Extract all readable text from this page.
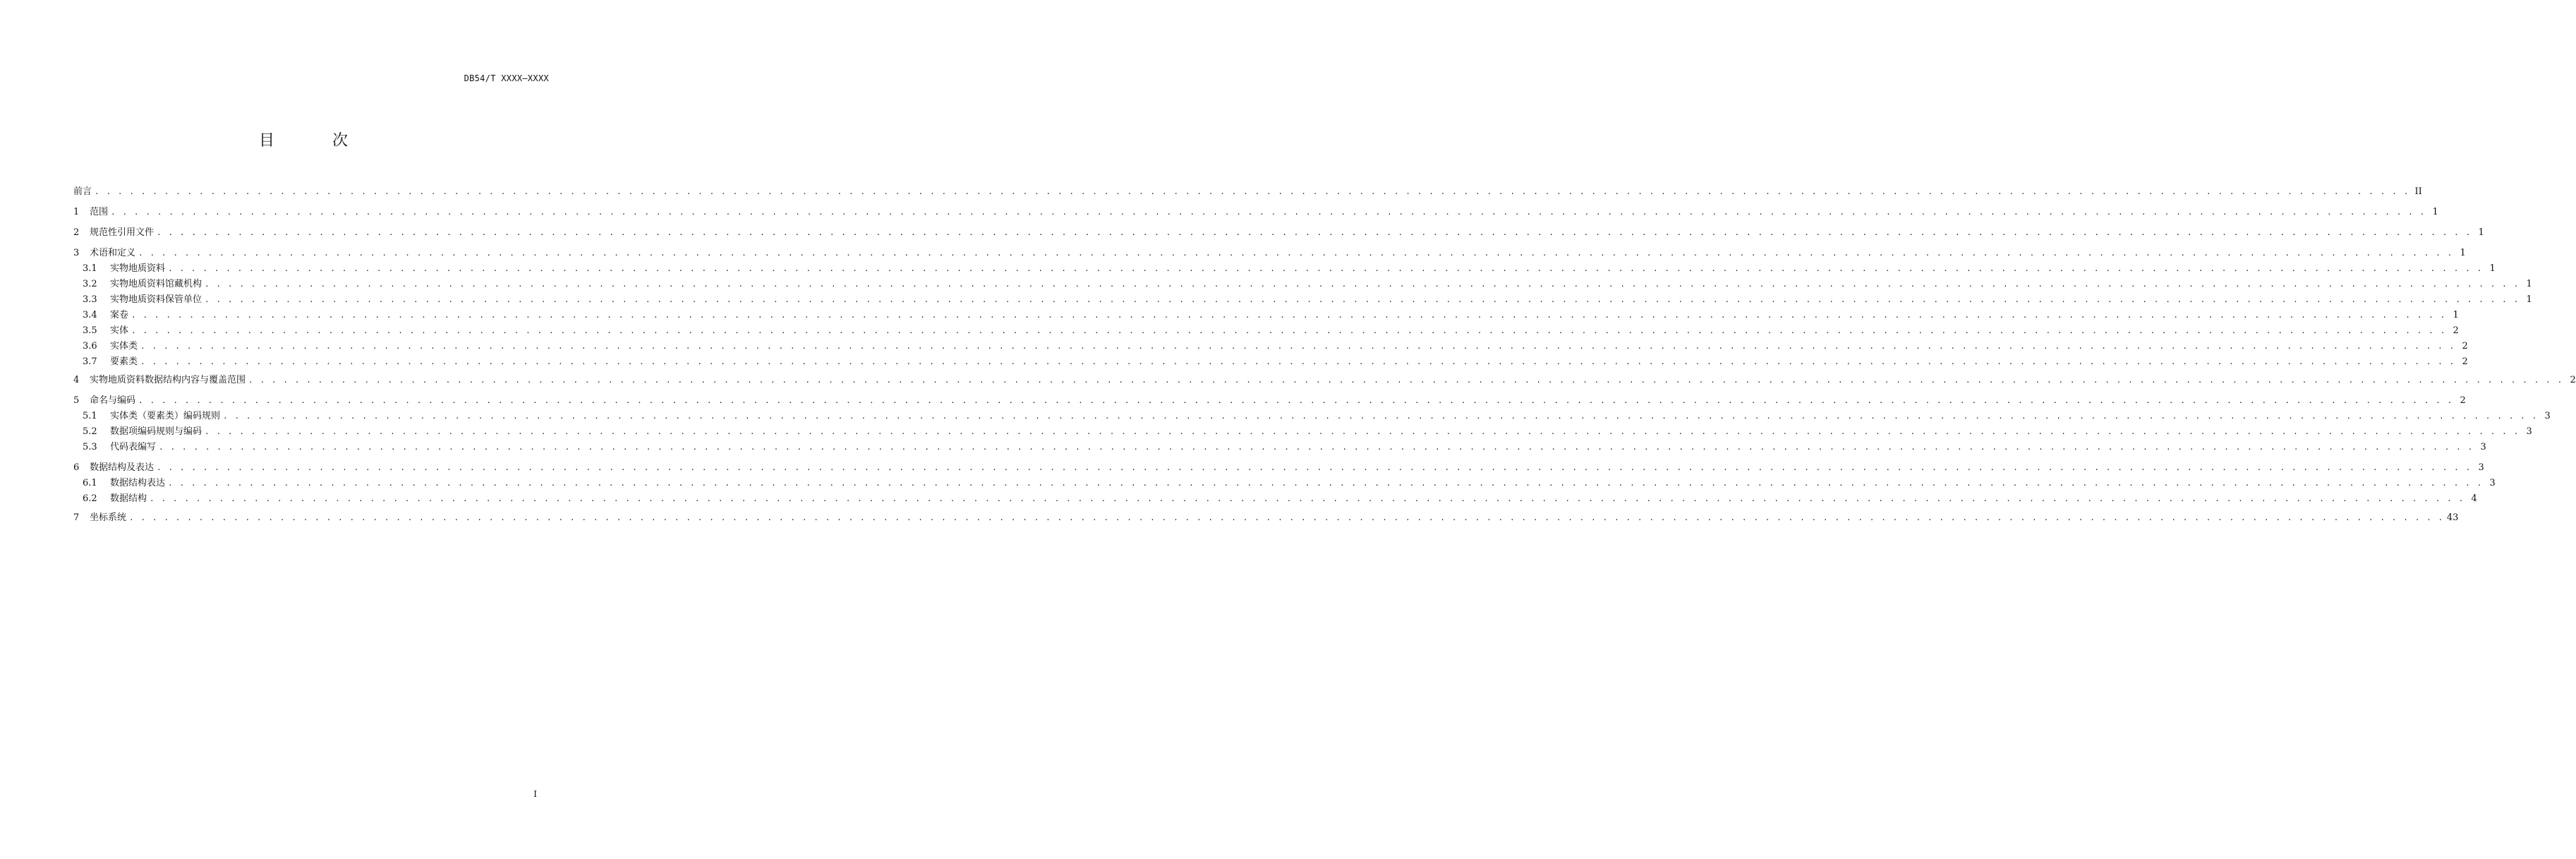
DB54/T XXXX—XXXX
目　次
前言 . . . . . . . . . . . . . . . . . . . . . . . . . . . . . . . . . . . . . . . . . . . . . . . . . . . . . . . . . . . . . . . . . . . . . . . . . . . . . . . . . . . . . . . . . . . . . . . . . . . . . . . . . . . . . . . . . . . . . . . . . . . . . . . . . . . . . . . . . . . . . . . . . . . . . . . . . . . . . . . . . . . . . . . . . . . . . . . . . . . . . . . . . . . . . . . . . . . . . . . . II
1	范围 . . . . . . . . . . . . . . . . . . . . . . . . . . . . . . . . . . . . . . . . . . . . . . . . . . . . . . . . . . . . . . . . . . . . . . . . . . . . . . . . . . . . . . . . . . . . . . . . . . . . . . . . . . . . . . . . . . . . . . . . . . . . . . . . . . . . . . . . . . . . . . . . . . . . . . . . . . . . . . . . . . . . . . . . . . . . . . . . . . . . . . . . . . . . . . . . . . . . . . . . 1
2	规范性引用文件 . . . . . . . . . . . . . . . . . . . . . . . . . . . . . . . . . . . . . . . . . . . . . . . . . . . . . . . . . . . . . . . . . . . . . . . . . . . . . . . . . . . . . . . . . . . . . . . . . . . . . . . . . . . . . . . . . . . . . . . . . . . . . . . . . . . . . . . . . . . . . . . . . . . . . . . . . . . . . . . . . . . . . . . . . . . . . . . . . . . . . . . . . . . . . . . . . . . . . . . . 1
3	术语和定义 . . . . . . . . . . . . . . . . . . . . . . . . . . . . . . . . . . . . . . . . . . . . . . . . . . . . . . . . . . . . . . . . . . . . . . . . . . . . . . . . . . . . . . . . . . . . . . . . . . . . . . . . . . . . . . . . . . . . . . . . . . . . . . . . . . . . . . . . . . . . . . . . . . . . . . . . . . . . . . . . . . . . . . . . . . . . . . . . . . . . . . . . . . . . . . . . . . . . . . . . 1
3.1	实物地质资料 . . . . . . . . . . . . . . . . . . . . . . . . . . . . . . . . . . . . . . . . . . . . . . . . . . . . . . . . . . . . . . . . . . . . . . . . . . . . . . . . . . . . . . . . . . . . . . . . . . . . . . . . . . . . . . . . . . . . . . . . . . . . . . . . . . . . . . . . . . . . . . . . . . . . . . . . . . . . . . . . . . . . . . . . . . . . . . . . . . . . . . . . . . . . . . . . . . . . . . . . 1
3.2	实物地质资料馆藏机构 . . . . . . . . . . . . . . . . . . . . . . . . . . . . . . . . . . . . . . . . . . . . . . . . . . . . . . . . . . . . . . . . . . . . . . . . . . . . . . . . . . . . . . . . . . . . . . . . . . . . . . . . . . . . . . . . . . . . . . . . . . . . . . . . . . . . . . . . . . . . . . . . . . . . . . . . . . . . . . . . . . . . . . . . . . . . . . . . . . . . . . . . . . . . . . . . . . . . . . . . 1
3.3	实物地质资料保管单位 . . . . . . . . . . . . . . . . . . . . . . . . . . . . . . . . . . . . . . . . . . . . . . . . . . . . . . . . . . . . . . . . . . . . . . . . . . . . . . . . . . . . . . . . . . . . . . . . . . . . . . . . . . . . . . . . . . . . . . . . . . . . . . . . . . . . . . . . . . . . . . . . . . . . . . . . . . . . . . . . . . . . . . . . . . . . . . . . . . . . . . . . . . . . . . . . . . . . . . . . 1
3.4	案卷 . . . . . . . . . . . . . . . . . . . . . . . . . . . . . . . . . . . . . . . . . . . . . . . . . . . . . . . . . . . . . . . . . . . . . . . . . . . . . . . . . . . . . . . . . . . . . . . . . . . . . . . . . . . . . . . . . . . . . . . . . . . . . . . . . . . . . . . . . . . . . . . . . . . . . . . . . . . . . . . . . . . . . . . . . . . . . . . . . . . . . . . . . . . . . . . . . . . . . . . . 1
3.5	实体 . . . . . . . . . . . . . . . . . . . . . . . . . . . . . . . . . . . . . . . . . . . . . . . . . . . . . . . . . . . . . . . . . . . . . . . . . . . . . . . . . . . . . . . . . . . . . . . . . . . . . . . . . . . . . . . . . . . . . . . . . . . . . . . . . . . . . . . . . . . . . . . . . . . . . . . . . . . . . . . . . . . . . . . . . . . . . . . . . . . . . . . . . . . . . . . . . . . . . . . . 2
3.6	实体类 . . . . . . . . . . . . . . . . . . . . . . . . . . . . . . . . . . . . . . . . . . . . . . . . . . . . . . . . . . . . . . . . . . . . . . . . . . . . . . . . . . . . . . . . . . . . . . . . . . . . . . . . . . . . . . . . . . . . . . . . . . . . . . . . . . . . . . . . . . . . . . . . . . . . . . . . . . . . . . . . . . . . . . . . . . . . . . . . . . . . . . . . . . . . . . . . . . . . . . . . 2
3.7	要素类 . . . . . . . . . . . . . . . . . . . . . . . . . . . . . . . . . . . . . . . . . . . . . . . . . . . . . . . . . . . . . . . . . . . . . . . . . . . . . . . . . . . . . . . . . . . . . . . . . . . . . . . . . . . . . . . . . . . . . . . . . . . . . . . . . . . . . . . . . . . . . . . . . . . . . . . . . . . . . . . . . . . . . . . . . . . . . . . . . . . . . . . . . . . . . . . . . . . . . . . . 2
4	实物地质资料数据结构内容与覆盖范围 . . . . . . . . . . . . . . . . . . . . . . . . . . . . . . . . . . . . . . . . . . . . . . . . . . . . . . . . . . . . . . . . . . . . . . . . . . . . . . . . . . . . . . . . . . . . . . . . . . . . . . . . . . . . . . . . . . . . . . . . . . . . . . . . . . . . . . . . . . . . . . . . . . . . . . . . . . . . . . . . . . . . . . . . . . . . . . . . . . . . . . . . . . . . . . . . . . . . . . . . 2
5	命名与编码 . . . . . . . . . . . . . . . . . . . . . . . . . . . . . . . . . . . . . . . . . . . . . . . . . . . . . . . . . . . . . . . . . . . . . . . . . . . . . . . . . . . . . . . . . . . . . . . . . . . . . . . . . . . . . . . . . . . . . . . . . . . . . . . . . . . . . . . . . . . . . . . . . . . . . . . . . . . . . . . . . . . . . . . . . . . . . . . . . . . . . . . . . . . . . . . . . . . . . . . . 2
5.1	实体类（要素类）编码规则 . . . . . . . . . . . . . . . . . . . . . . . . . . . . . . . . . . . . . . . . . . . . . . . . . . . . . . . . . . . . . . . . . . . . . . . . . . . . . . . . . . . . . . . . . . . . . . . . . . . . . . . . . . . . . . . . . . . . . . . . . . . . . . . . . . . . . . . . . . . . . . . . . . . . . . . . . . . . . . . . . . . . . . . . . . . . . . . . . . . . . . . . . . . . . . . . . . . . . . . . 3
5.2	数据项编码规则与编码 . . . . . . . . . . . . . . . . . . . . . . . . . . . . . . . . . . . . . . . . . . . . . . . . . . . . . . . . . . . . . . . . . . . . . . . . . . . . . . . . . . . . . . . . . . . . . . . . . . . . . . . . . . . . . . . . . . . . . . . . . . . . . . . . . . . . . . . . . . . . . . . . . . . . . . . . . . . . . . . . . . . . . . . . . . . . . . . . . . . . . . . . . . . . . . . . . . . . . . . . 3
5.3	代码表编写 . . . . . . . . . . . . . . . . . . . . . . . . . . . . . . . . . . . . . . . . . . . . . . . . . . . . . . . . . . . . . . . . . . . . . . . . . . . . . . . . . . . . . . . . . . . . . . . . . . . . . . . . . . . . . . . . . . . . . . . . . . . . . . . . . . . . . . . . . . . . . . . . . . . . . . . . . . . . . . . . . . . . . . . . . . . . . . . . . . . . . . . . . . . . . . . . . . . . . . . . 3
6	数据结构及表达 . . . . . . . . . . . . . . . . . . . . . . . . . . . . . . . . . . . . . . . . . . . . . . . . . . . . . . . . . . . . . . . . . . . . . . . . . . . . . . . . . . . . . . . . . . . . . . . . . . . . . . . . . . . . . . . . . . . . . . . . . . . . . . . . . . . . . . . . . . . . . . . . . . . . . . . . . . . . . . . . . . . . . . . . . . . . . . . . . . . . . . . . . . . . . . . . . . . . . . . . 3
6.1	数据结构表达 . . . . . . . . . . . . . . . . . . . . . . . . . . . . . . . . . . . . . . . . . . . . . . . . . . . . . . . . . . . . . . . . . . . . . . . . . . . . . . . . . . . . . . . . . . . . . . . . . . . . . . . . . . . . . . . . . . . . . . . . . . . . . . . . . . . . . . . . . . . . . . . . . . . . . . . . . . . . . . . . . . . . . . . . . . . . . . . . . . . . . . . . . . . . . . . . . . . . . . . . 3
6.2	数据结构 . . . . . . . . . . . . . . . . . . . . . . . . . . . . . . . . . . . . . . . . . . . . . . . . . . . . . . . . . . . . . . . . . . . . . . . . . . . . . . . . . . . . . . . . . . . . . . . . . . . . . . . . . . . . . . . . . . . . . . . . . . . . . . . . . . . . . . . . . . . . . . . . . . . . . . . . . . . . . . . . . . . . . . . . . . . . . . . . . . . . . . . . . . . . . . . . . . . . . . . . 4
7	坐标系统 . . . . . . . . . . . . . . . . . . . . . . . . . . . . . . . . . . . . . . . . . . . . . . . . . . . . . . . . . . . . . . . . . . . . . . . . . . . . . . . . . . . . . . . . . . . . . . . . . . . . . . . . . . . . . . . . . . . . . . . . . . . . . . . . . . . . . . . . . . . . . . . . . . . . . . . . . . . . . . . . . . . . . . . . . . . . . . . . . . . . . . . . . . . . . . . . . . . . . . . . 43
I
